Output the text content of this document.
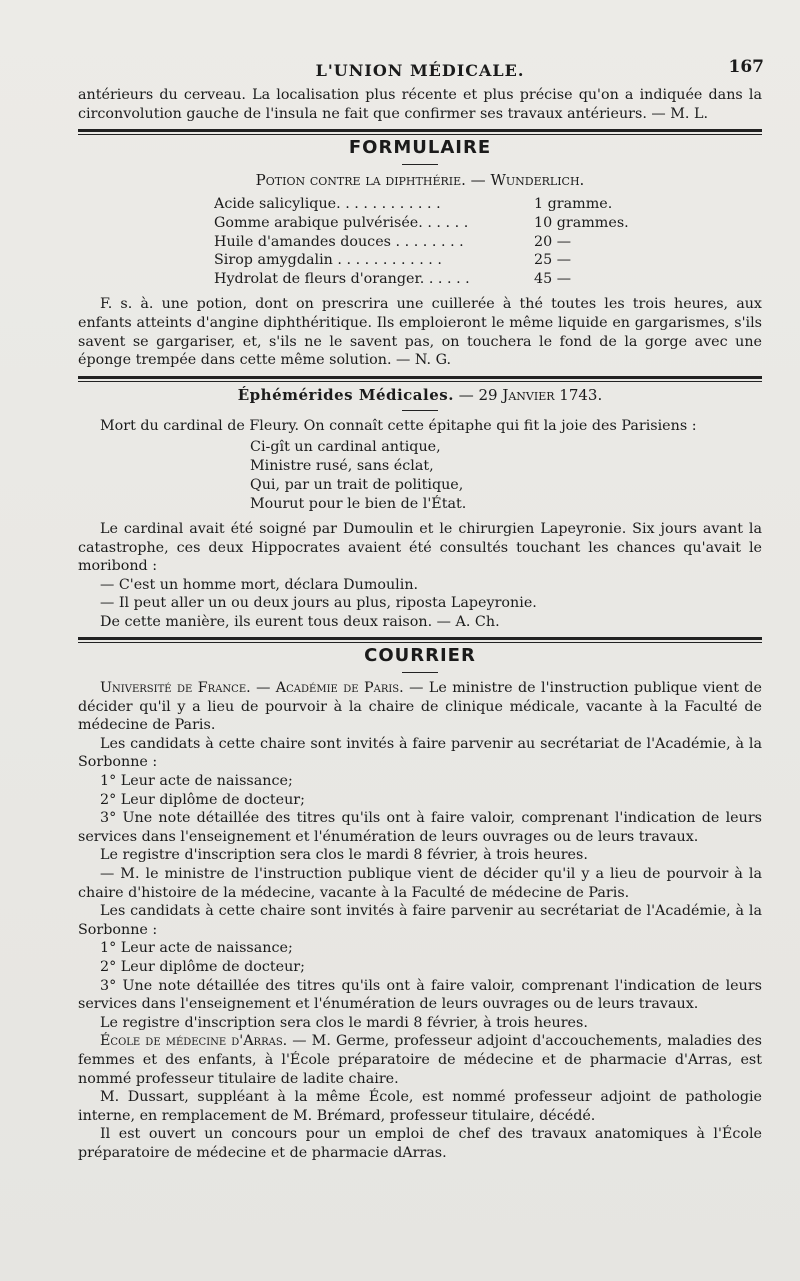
L'UNION MÉDICALE.	167

antérieurs du cerveau. La localisation plus récente et plus précise qu'on a indiquée dans la circonvolution gauche de l'insula ne fait que confirmer ses travaux antérieurs. — M. L.

FORMULAIRE
Potion contre la diphthérie. — Wunderlich.
Acide salicylique. . . . . . . . . . . .	1 gramme.
Gomme arabique pulvérisée. . . . . .	10 grammes.
Huile d'amandes douces . . . . . . . .	20 —
Sirop amygdalin . . . . . . . . . . . .	25 —
Hydrolat de fleurs d'oranger. . . . . .	45 —

F. s. à. une potion, dont on prescrira une cuillerée à thé toutes les trois heures, aux enfants atteints d'angine diphthéritique. Ils emploieront le même liquide en gargarismes, s'ils savent se gargariser, et, s'ils ne le savent pas, on touchera le fond de la gorge avec une éponge trempée dans cette même solution. — N. G.

Éphémérides Médicales. — 29 Janvier 1743.

Mort du cardinal de Fleury. On connaît cette épitaphe qui fit la joie des Parisiens :

Ci-gît un cardinal antique,
Ministre rusé, sans éclat,
Qui, par un trait de politique,
Mourut pour le bien de l'État.

Le cardinal avait été soigné par Dumoulin et le chirurgien Lapeyronie. Six jours avant la catastrophe, ces deux Hippocrates avaient été consultés touchant les chances qu'avait le moribond :

— C'est un homme mort, déclara Dumoulin.

— Il peut aller un ou deux jours au plus, riposta Lapeyronie.

De cette manière, ils eurent tous deux raison. — A. Ch.

COURRIER

Université de France. — Académie de Paris. — Le ministre de l'instruction publique vient de décider qu'il y a lieu de pourvoir à la chaire de clinique médicale, vacante à la Faculté de médecine de Paris.

Les candidats à cette chaire sont invités à faire parvenir au secrétariat de l'Académie, à la Sorbonne :

1° Leur acte de naissance;

2° Leur diplôme de docteur;

3° Une note détaillée des titres qu'ils ont à faire valoir, comprenant l'indication de leurs services dans l'enseignement et l'énumération de leurs ouvrages ou de leurs travaux.

Le registre d'inscription sera clos le mardi 8 février, à trois heures.

— M. le ministre de l'instruction publique vient de décider qu'il y a lieu de pourvoir à la chaire d'histoire de la médecine, vacante à la Faculté de médecine de Paris.

Les candidats à cette chaire sont invités à faire parvenir au secrétariat de l'Académie, à la Sorbonne :

1° Leur acte de naissance;

2° Leur diplôme de docteur;

3° Une note détaillée des titres qu'ils ont à faire valoir, comprenant l'indication de leurs services dans l'enseignement et l'énumération de leurs ouvrages ou de leurs travaux.

Le registre d'inscription sera clos le mardi 8 février, à trois heures.

École de médecine d'Arras. — M. Germe, professeur adjoint d'accouchements, maladies des femmes et des enfants, à l'École préparatoire de médecine et de pharmacie d'Arras, est nommé professeur titulaire de ladite chaire.

M. Dussart, suppléant à la même École, est nommé professeur adjoint de pathologie interne, en remplacement de M. Brémard, professeur titulaire, décédé.

Il est ouvert un concours pour un emploi de chef des travaux anatomiques à l'École préparatoire de médecine et de pharmacie dArras.
